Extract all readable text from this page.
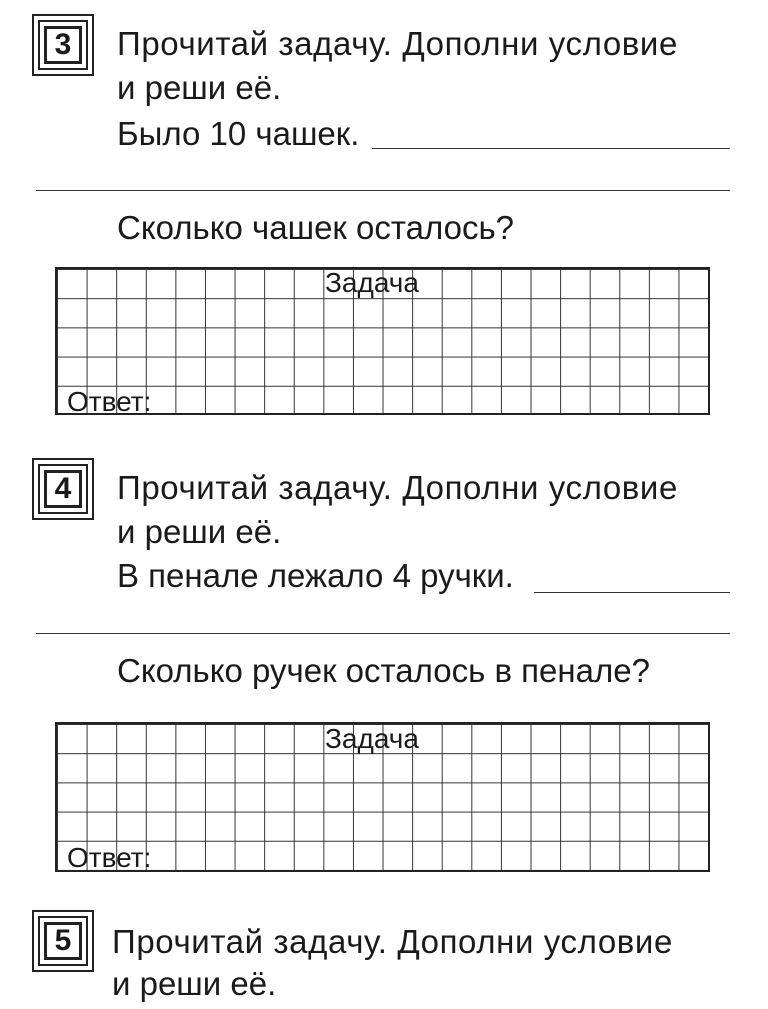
3	Прочитай задачу. Дополни условие
и реши её.
Было 10 чашек.
Сколько чашек осталось?
Задача
Ответ:
4	Прочитай задачу. Дополни условие
и реши её.
В пенале лежало 4 ручки.
Сколько ручек осталось в пенале?
Задача
Ответ:
5	Прочитай задачу. Дополни условие
и реши её.
